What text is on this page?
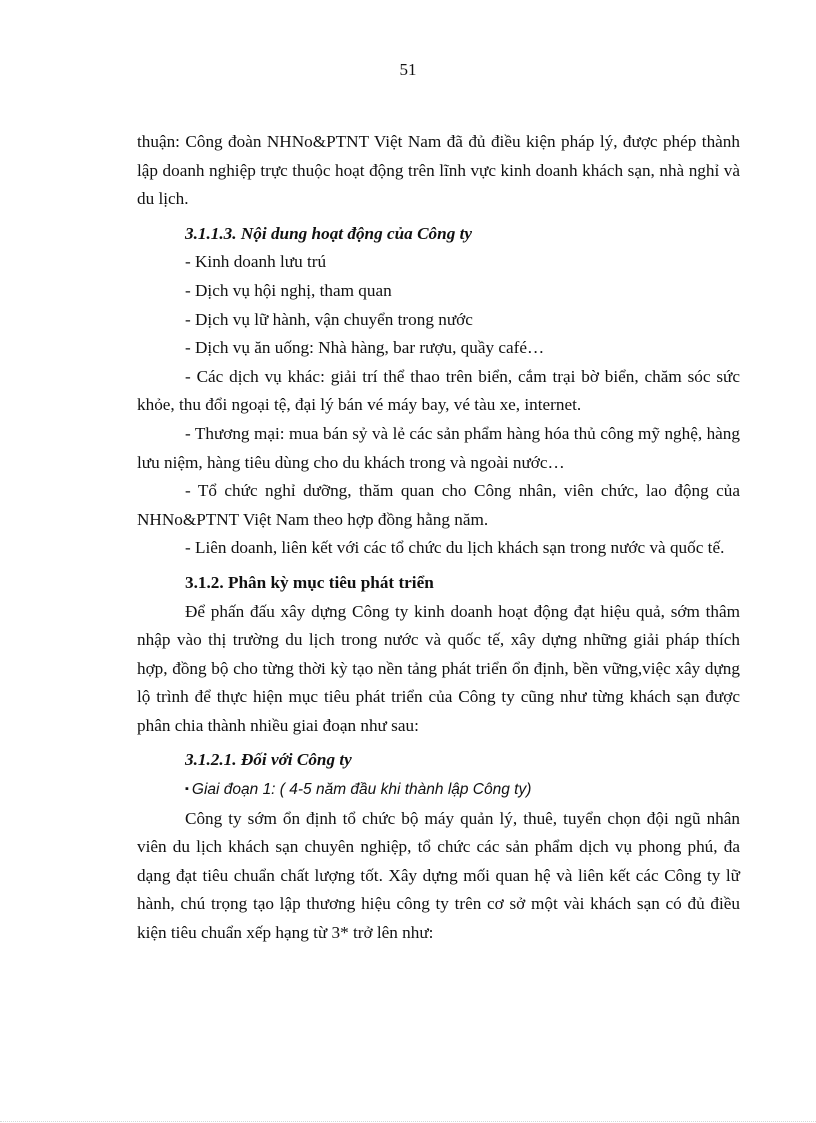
51

thuận: Công đoàn NHNo&PTNT Việt Nam đã đủ điều kiện pháp lý, được phép thành lập doanh nghiệp trực thuộc hoạt động trên lĩnh vực kinh doanh khách sạn, nhà nghỉ và du lịch.

3.1.1.3. Nội dung hoạt động của Công ty

- Kinh doanh lưu trú

- Dịch vụ hội nghị, tham quan

- Dịch vụ lữ hành, vận chuyển trong nước

- Dịch vụ ăn uống: Nhà hàng, bar rượu, quầy café…

- Các dịch vụ khác: giải trí thể thao trên biển, cắm trại bờ biển, chăm sóc sức khỏe, thu đổi ngoại tệ, đại lý bán vé máy bay, vé tàu xe, internet.

- Thương mại: mua bán sỷ và lẻ các sản phẩm hàng hóa thủ công mỹ nghệ, hàng lưu niệm, hàng tiêu dùng cho du khách trong và ngoài nước…

- Tổ chức nghỉ dưỡng, thăm quan cho Công nhân, viên chức, lao động của NHNo&PTNT Việt Nam theo hợp đồng hằng năm.

- Liên doanh, liên kết với các tổ chức du lịch khách sạn trong nước và quốc tế.

3.1.2. Phân kỳ mục tiêu phát triển

Để phấn đấu xây dựng Công ty kinh doanh hoạt động đạt hiệu quả, sớm thâm nhập vào thị trường du lịch trong nước và quốc tế, xây dựng những giải pháp thích hợp, đồng bộ cho từng thời kỳ tạo nền tảng phát triển ổn định, bền vững,việc xây dựng lộ trình để thực hiện mục tiêu phát triển của Công ty cũng như từng khách sạn được phân chia thành nhiều giai đoạn như sau:

3.1.2.1. Đối với Công ty

▪ Giai đoạn 1: ( 4-5 năm đầu khi thành lập Công ty)

Công ty sớm ổn định tổ chức bộ máy quản lý, thuê, tuyển chọn đội ngũ nhân viên du lịch khách sạn chuyên nghiệp, tổ chức các sản phẩm dịch vụ phong phú, đa dạng đạt tiêu chuẩn chất lượng tốt. Xây dựng mối quan hệ và liên kết các Công ty lữ hành, chú trọng tạo lập thương hiệu công ty trên cơ sở một vài khách sạn có đủ điều kiện tiêu chuẩn xếp hạng từ 3* trở lên như:
